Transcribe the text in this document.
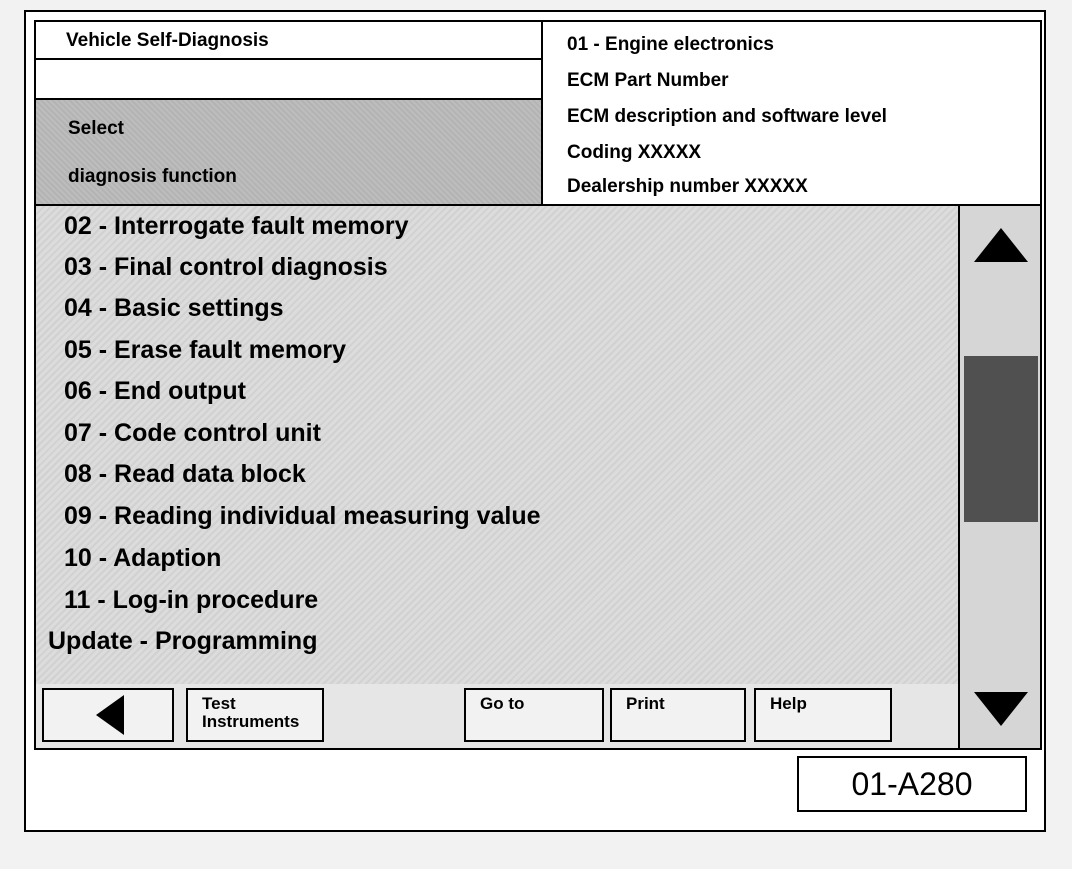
Vehicle Self-Diagnosis
Select
diagnosis function
01 - Engine electronics
ECM Part Number
ECM description and software level
Coding XXXXX
Dealership number XXXXX
02 - Interrogate fault memory
03 - Final control diagnosis
04 - Basic settings
05 - Erase fault memory
06 - End output
07 - Code control unit
08 - Read data block
09 - Reading individual measuring value
10 - Adaption
11 - Log-in procedure
Update - Programming
Test
Instruments
Go to	Print	Help
01-A280
